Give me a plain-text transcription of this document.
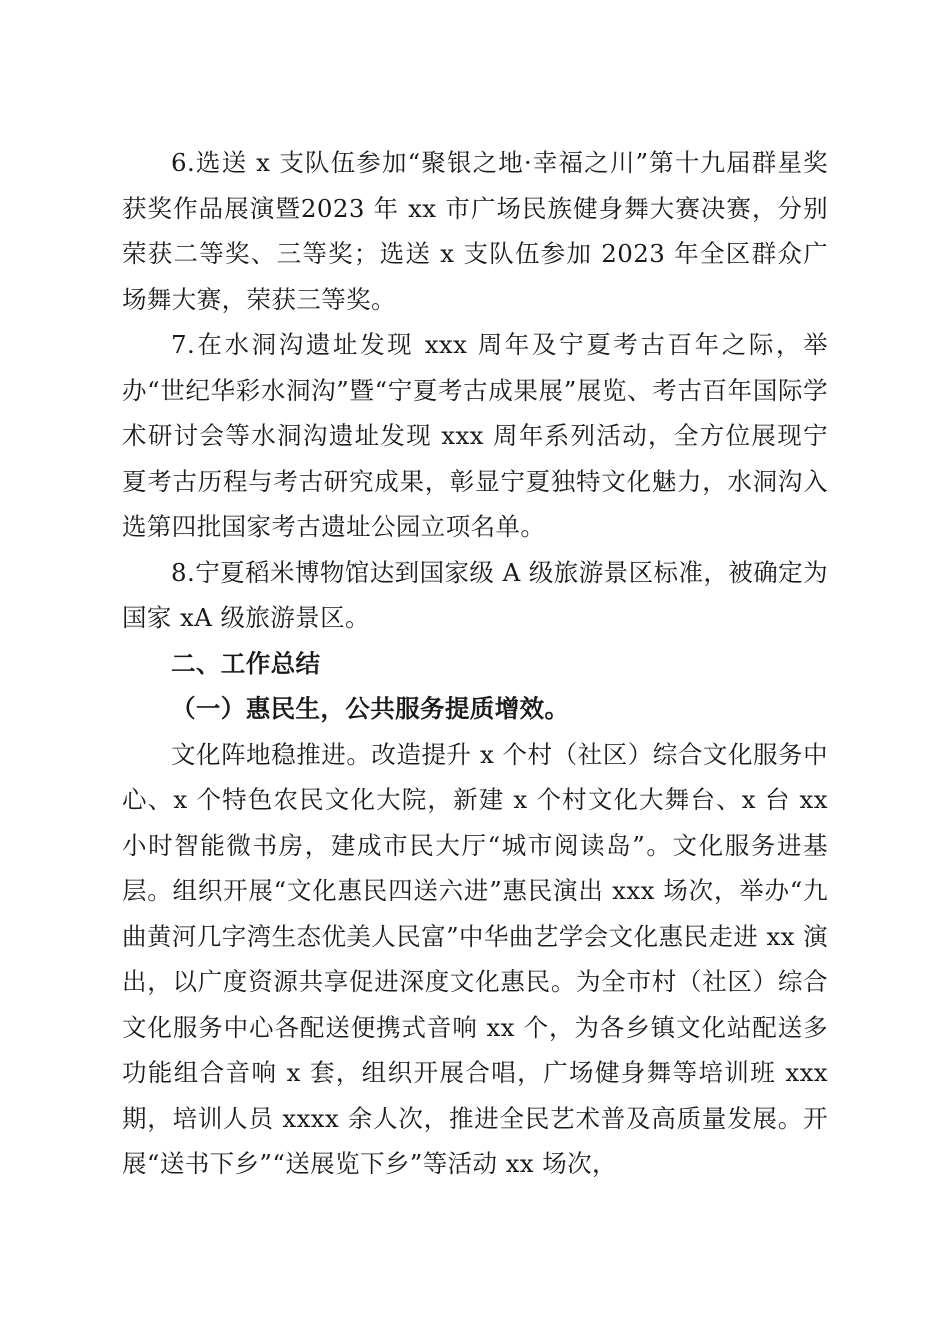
6.选送 x 支队伍参加“聚银之地·幸福之川”第十九届群星奖获奖作品展演暨2023 年 xx 市广场民族健身舞大赛决赛，分别荣获二等奖、三等奖；选送 x 支队伍参加 2023 年全区群众广场舞大赛，荣获三等奖。

7.在水洞沟遗址发现 xxx 周年及宁夏考古百年之际，举办“世纪华彩水洞沟”暨“宁夏考古成果展”展览、考古百年国际学术研讨会等水洞沟遗址发现 xxx 周年系列活动，全方位展现宁夏考古历程与考古研究成果，彰显宁夏独特文化魅力，水洞沟入选第四批国家考古遗址公园立项名单。

8.宁夏稻米博物馆达到国家级 A 级旅游景区标准，被确定为国家 xA 级旅游景区。

二、工作总结

（一）惠民生，公共服务提质增效。

文化阵地稳推进。改造提升 x 个村（社区）综合文化服务中心、x 个特色农民文化大院，新建 x 个村文化大舞台、x 台 xx小时智能微书房，建成市民大厅“城市阅读岛”。文化服务进基层。组织开展“文化惠民四送六进”惠民演出 xxx 场次，举办“九曲黄河几字湾生态优美人民富”中华曲艺学会文化惠民走进 xx 演出，以广度资源共享促进深度文化惠民。为全市村（社区）综合文化服务中心各配送便携式音响 xx 个，为各乡镇文化站配送多功能组合音响 x 套，组织开展合唱，广场健身舞等培训班 xxx 期，培训人员 xxxx 余人次，推进全民艺术普及高质量发展。开展“送书下乡”“送展览下乡”等活动 xx 场次，
